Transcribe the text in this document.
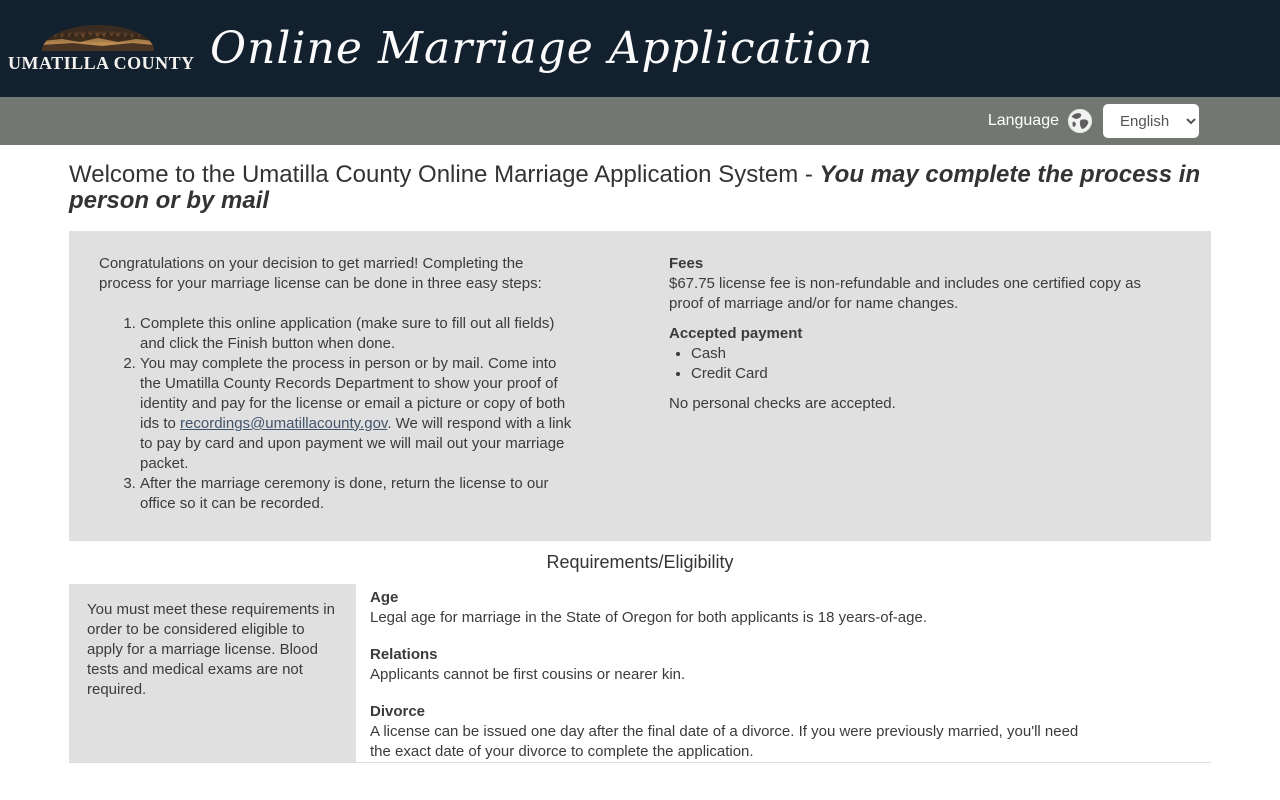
UMATILLA COUNTY Online Marriage Application
Language
English
Welcome to the Umatilla County Online Marriage Application System - You may complete the process in person or by mail

Congratulations on your decision to get married! Completing the process for your marriage license can be done in three easy steps:

1. Complete this online application (make sure to fill out all fields) and click the Finish button when done.
2. You may complete the process in person or by mail. Come into the Umatilla County Records Department to show your proof of identity and pay for the license or email a picture or copy of both ids to recordings@umatillacounty.gov. We will respond with a link to pay by card and upon payment we will mail out your marriage packet.
3. After the marriage ceremony is done, return the license to our office so it can be recorded.
Fees

$67.75 license fee is non-refundable and includes one certified copy as proof of marriage and/or for name changes.

Accepted payment
• Cash
• Credit Card

No personal checks are accepted.

Requirements/Eligibility
You must meet these requirements in order to be considered eligible to apply for a marriage license. Blood tests and medical exams are not required.
Age

Legal age for marriage in the State of Oregon for both applicants is 18 years-of-age.

Relations

Applicants cannot be first cousins or nearer kin.

Divorce

A license can be issued one day after the final date of a divorce. If you were previously married, you'll need the exact date of your divorce to complete the application.
